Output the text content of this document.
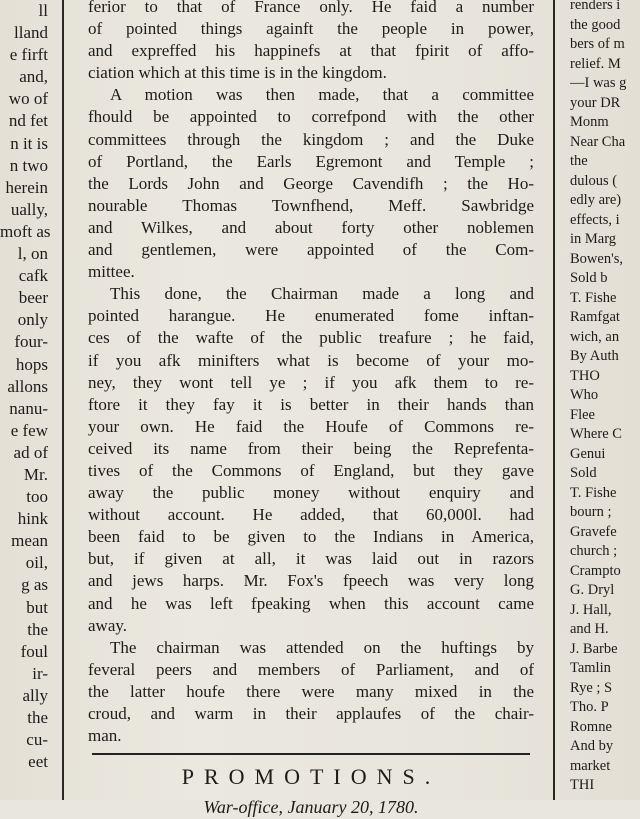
ll
lland
e firft
and,
wo of
nd fet
n it is
n two
herein
ually,
moft as
l, on
cafk
beer
only
four-
hops
allons
nanu-
e few
ad of
Mr.
too
hink
mean
oil,
g as
but
the
foul
ir-
ally
the
cu-
eet
ferior to that of France only. He faid a number
of pointed things againft the people in power,
and expreffed his happinefs at that fpirit of affo-
ciation which at this time is in the kingdom.
A motion was then made, that a committee
fhould be appointed to correfpond with the other
committees through the kingdom ; and the Duke
of Portland, the Earls Egremont and Temple ;
the Lords John and George Cavendifh ; the Ho-
nourable Thomas Townfhend, Meff. Sawbridge
and Wilkes, and about forty other noblemen
and gentlemen, were appointed of the Com-
mittee.
This done, the Chairman made a long and
pointed harangue. He enumerated fome inftan-
ces of the wafte of the public treafure ; he faid,
if you afk minifters what is become of your mo-
ney, they wont tell ye ; if you afk them to re-
ftore it they fay it is better in their hands than
your own. He faid the Houfe of Commons re-
ceived its name from their being the Reprefenta-
tives of the Commons of England, but they gave
away the public money without enquiry and
without account. He added, that 60,000l. had
been faid to be given to the Indians in America,
but, if given at all, it was laid out in razors
and jews harps. Mr. Fox's fpeech was very long
and he was left fpeaking when this account came
away.
The chairman was attended on the huftings by
feveral peers and members of Parliament, and of
the latter houfe there were many mixed in the
croud, and warm in their applaufes of the chair-
man.
PROMOTIONS.
War-office, January 20, 1780.
renders i
the good
bers of m
relief. M
—I was g
your DR
Monm
Near Cha
the
dulous (
edly are)
effects, i
in Marg
Bowen's,
Sold b
T. Fishe
Ramfgat
wich, an
By Auth
THO
Who
Flee
Where C
Genui
Sold
T. Fishe
bourn ;
Gravefe
church ;
Crampto
G. Dryl
J. Hall,
and H.
J. Barbe
Tamlin
Rye ; S
Tho. P
Romne
And by
market
THI
